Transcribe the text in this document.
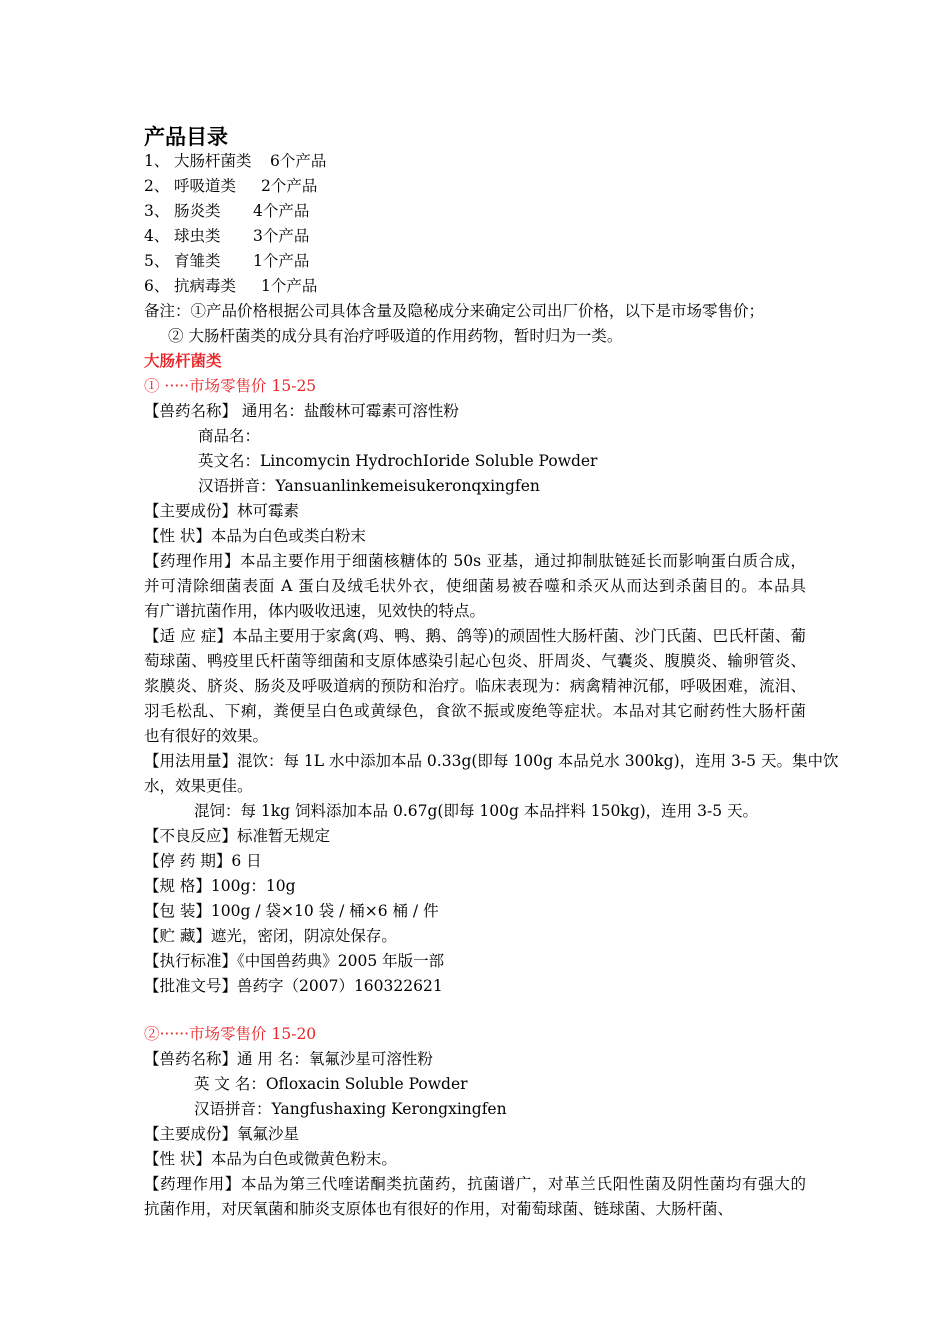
产品目录
1、 大肠杆菌类 6个产品
2、 呼吸道类 2个产品
3、 肠炎类 4个产品
4、 球虫类 3个产品
5、 育雏类 1个产品
6、 抗病毒类 1个产品
备注：①产品价格根据公司具体含量及隐秘成分来确定公司出厂价格，以下是市场零售价；
② 大肠杆菌类的成分具有治疗呼吸道的作用药物，暂时归为一类。
大肠杆菌类
① ·····市场零售价 15-25
【兽药名称】 通用名：盐酸林可霉素可溶性粉
商品名：
英文名：Lincomycin HydrochIoride Soluble Powder
汉语拼音：Yansuanlinkemeisukeronqxingfen
【主要成份】林可霉素
【性 状】本品为白色或类白粉末
【药理作用】本品主要作用于细菌核糖体的 50s 亚基，通过抑制肽链延长而影响蛋白质合成，
并可清除细菌表面 A 蛋白及绒毛状外衣，使细菌易被吞噬和杀灭从而达到杀菌目的。本品具
有广谱抗菌作用，体内吸收迅速，见效快的特点。
【适 应 症】本品主要用于家禽(鸡、鸭、鹅、鸽等)的顽固性大肠杆菌、沙门氏菌、巴氏杆菌、葡
萄球菌、鸭疫里氏杆菌等细菌和支原体感染引起心包炎、肝周炎、气囊炎、腹膜炎、输卵管炎、
浆膜炎、脐炎、肠炎及呼吸道病的预防和治疗。临床表现为：病禽精神沉郁，呼吸困难，流泪、
羽毛松乱、下痢，粪便呈白色或黄绿色，食欲不振或废绝等症状。本品对其它耐药性大肠杆菌
也有很好的效果。
【用法用量】混饮：每 1L 水中添加本品 0.33g(即每 100g 本品兑水 300kg)，连用 3-5 天。集中饮
水，效果更佳。
混饲：每 1kg 饲料添加本品 0.67g(即每 100g 本品拌料 150kg)，连用 3-5 天。
【不良反应】标准暂无规定
【停 药 期】6 日
【规 格】100g：10g
【包 装】100g / 袋×10 袋 / 桶×6 桶 / 件
【贮 藏】遮光，密闭，阴凉处保存。
【执行标准】《中国兽药典》2005 年版一部
【批准文号】兽药字（2007）160322621
②······市场零售价 15-20
【兽药名称】通 用 名：氧氟沙星可溶性粉
英 文 名：Ofloxacin Soluble Powder
汉语拼音：Yangfushaxing Kerongxingfen
【主要成份】氧氟沙星
【性 状】本品为白色或微黄色粉末。
【药理作用】本品为第三代喹诺酮类抗菌药，抗菌谱广，对革兰氏阳性菌及阴性菌均有强大的
抗菌作用，对厌氧菌和肺炎支原体也有很好的作用，对葡萄球菌、链球菌、大肠杆菌、
